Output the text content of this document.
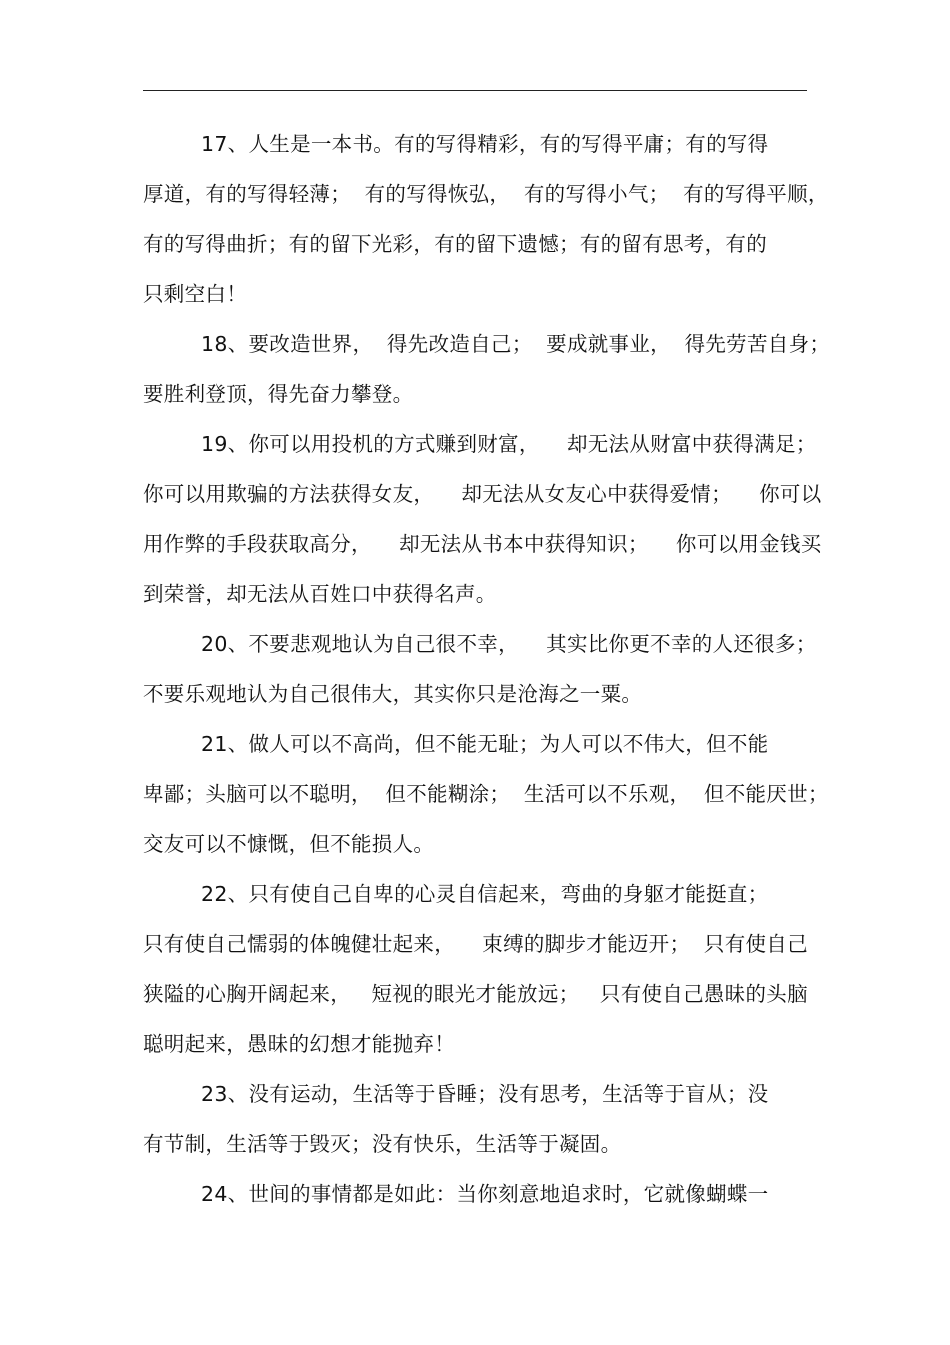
17、人生是一本书。有的写得精彩，有的写得平庸；有的写得
厚道，有的写得轻薄；  有的写得恢弘，  有的写得小气；  有的写得平顺，
有的写得曲折；有的留下光彩，有的留下遗憾；有的留有思考，有的
只剩空白！
18、要改造世界，  得先改造自己；  要成就事业，  得先劳苦自身；
要胜利登顶，得先奋力攀登。
19、你可以用投机的方式赚到财富，    却无法从财富中获得满足；
你可以用欺骗的方法获得女友，    却无法从女友心中获得爱情；    你可以
用作弊的手段获取高分，    却无法从书本中获得知识；    你可以用金钱买
到荣誉，却无法从百姓口中获得名声。
20、不要悲观地认为自己很不幸，    其实比你更不幸的人还很多；
不要乐观地认为自己很伟大，其实你只是沧海之一粟。
21、做人可以不高尚，但不能无耻；为人可以不伟大，但不能
卑鄙；头脑可以不聪明，  但不能糊涂；  生活可以不乐观，  但不能厌世；
交友可以不慷慨，但不能损人。
22、只有使自己自卑的心灵自信起来，弯曲的身躯才能挺直；
只有使自己懦弱的体魄健壮起来，    束缚的脚步才能迈开；  只有使自己
狭隘的心胸开阔起来，   短视的眼光才能放远；   只有使自己愚昧的头脑
聪明起来，愚昧的幻想才能抛弃！
23、没有运动，生活等于昏睡；没有思考，生活等于盲从；没
有节制，生活等于毁灭；没有快乐，生活等于凝固。
24、世间的事情都是如此：当你刻意地追求时，它就像蝴蝶一
